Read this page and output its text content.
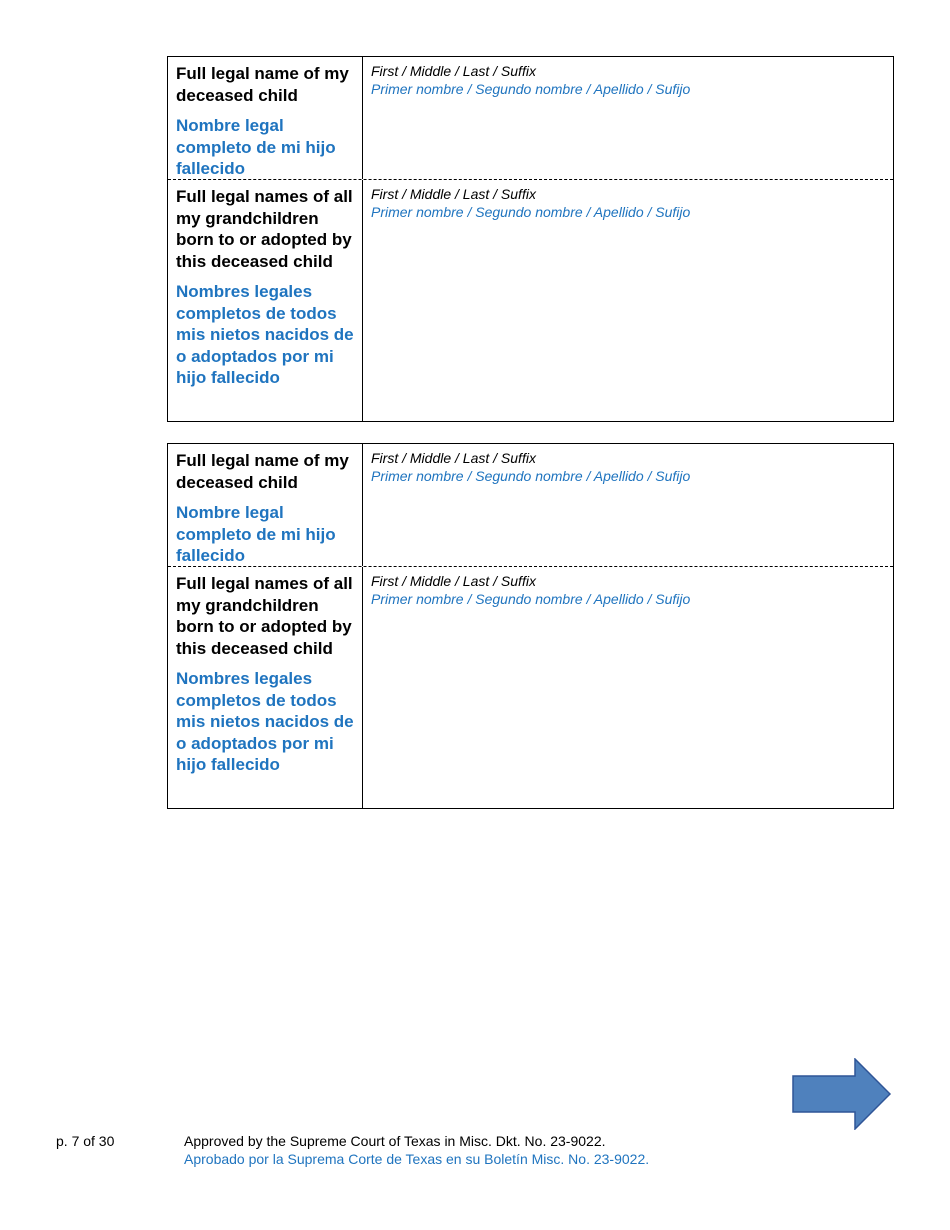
Full legal name of my deceased child

Nombre legal completo de mi hijo fallecido

First / Middle / Last / Suffix
Primer nombre / Segundo nombre / Apellido / Sufijo

Full legal names of all my grandchildren born to or adopted by this deceased child

Nombres legales completos de todos mis nietos nacidos de o adoptados por mi hijo fallecido

First / Middle / Last / Suffix
Primer nombre / Segundo nombre / Apellido / Sufijo

Full legal name of my deceased child

Nombre legal completo de mi hijo fallecido

First / Middle / Last / Suffix
Primer nombre / Segundo nombre / Apellido / Sufijo

Full legal names of all my grandchildren born to or adopted by this deceased child

Nombres legales completos de todos mis nietos nacidos de o adoptados por mi hijo fallecido

First / Middle / Last / Suffix
Primer nombre / Segundo nombre / Apellido / Sufijo
p. 7 of 30	Approved by the Supreme Court of Texas in Misc. Dkt. No. 23-9022.
Aprobado por la Suprema Corte de Texas en su Boletín Misc. No. 23-9022.
